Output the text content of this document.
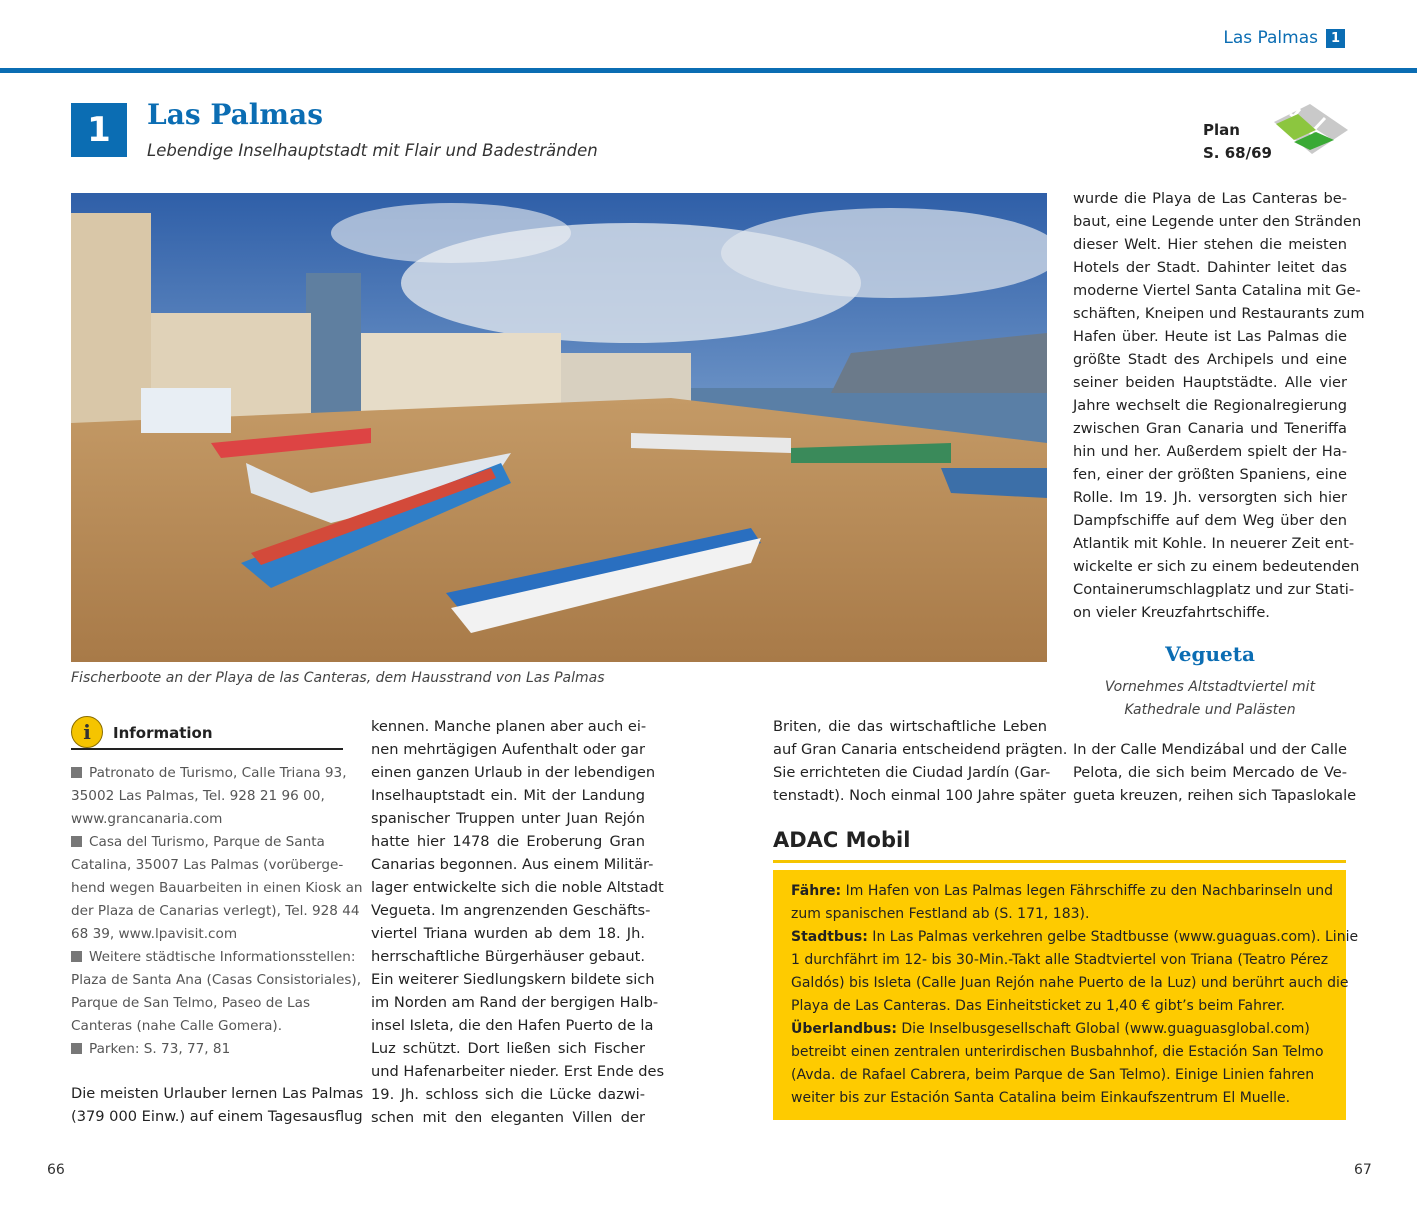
Las Palmas 1
1	Las Palmas
Lebendige Inselhauptstadt mit Flair und Badestränden
Plan
S. 68/69
Fischerboote an der Playa de las Canteras, dem Hausstrand von Las Palmas
i	Information
Patronato de Turismo, Calle Triana 93,
35002 Las Palmas, Tel. 928 21 96 00,
www.grancanaria.com
Casa del Turismo, Parque de Santa
Catalina, 35007 Las Palmas (vorüberge-
hend wegen Bauarbeiten in einen Kiosk an
der Plaza de Canarias verlegt), Tel. 928 44
68 39, www.lpavisit.com
Weitere städtische Informationsstellen:
Plaza de Santa Ana (Casas Consistoriales),
Parque de San Telmo, Paseo de Las
Canteras (nahe Calle Gomera).
Parken: S. 73, 77, 81
Die meisten Urlauber lernen Las Palmas
(379 000 Einw.) auf einem Tagesausflug
kennen. Manche planen aber auch ei-
nen mehrtägigen Aufenthalt oder gar
einen ganzen Urlaub in der lebendigen
Inselhauptstadt ein. Mit der Landung
spanischer Truppen unter Juan Rejón
hatte hier 1478 die Eroberung Gran
Canarias begonnen. Aus einem Militär-
lager entwickelte sich die noble Altstadt
Vegueta. Im angrenzenden Geschäfts-
viertel Triana wurden ab dem 18. Jh.
herrschaftliche Bürgerhäuser gebaut.
Ein weiterer Siedlungskern bildete sich
im Norden am Rand der bergigen Halb-
insel Isleta, die den Hafen Puerto de la
Luz schützt. Dort ließen sich Fischer
und Hafenarbeiter nieder. Erst Ende des
19. Jh. schloss sich die Lücke dazwi-
schen mit den eleganten Villen der
Briten, die das wirtschaftliche Leben
auf Gran Canaria entscheidend prägten.
Sie errichteten die Ciudad Jardín (Gar-
tenstadt). Noch einmal 100 Jahre später
wurde die Playa de Las Canteras be-
baut, eine Legende unter den Stränden
dieser Welt. Hier stehen die meisten
Hotels der Stadt. Dahinter leitet das
moderne Viertel Santa Catalina mit Ge-
schäften, Kneipen und Restaurants zum
Hafen über. Heute ist Las Palmas die
größte Stadt des Archipels und eine
seiner beiden Hauptstädte. Alle vier
Jahre wechselt die Regionalregierung
zwischen Gran Canaria und Teneriffa
hin und her. Außerdem spielt der Ha-
fen, einer der größten Spaniens, eine
Rolle. Im 19. Jh. versorgten sich hier
Dampfschiffe auf dem Weg über den
Atlantik mit Kohle. In neuerer Zeit ent-
wickelte er sich zu einem bedeutenden
Containerumschlagplatz und zur Stati-
on vieler Kreuzfahrtschiffe.
Vegueta
Vornehmes Altstadtviertel mit
Kathedrale und Palästen
In der Calle Mendizábal und der Calle
Pelota, die sich beim Mercado de Ve-
gueta kreuzen, reihen sich Tapaslokale
ADAC Mobil
Fähre: Im Hafen von Las Palmas legen Fährschiffe zu den Nachbarinseln und
zum spanischen Festland ab (S. 171, 183).
Stadtbus: In Las Palmas verkehren gelbe Stadtbusse (www.guaguas.com). Linie
1 durchfährt im 12- bis 30-Min.-Takt alle Stadtviertel von Triana (Teatro Pérez
Galdós) bis Isleta (Calle Juan Rejón nahe Puerto de la Luz) und berührt auch die
Playa de Las Canteras. Das Einheitsticket zu 1,40 € gibt’s beim Fahrer.
Überlandbus: Die Inselbusgesellschaft Global (www.guaguasglobal.com)
betreibt einen zentralen unterirdischen Busbahnhof, die Estación San Telmo
(Avda. de Rafael Cabrera, beim Parque de San Telmo). Einige Linien fahren
weiter bis zur Estación Santa Catalina beim Einkaufszentrum El Muelle.
66	67
